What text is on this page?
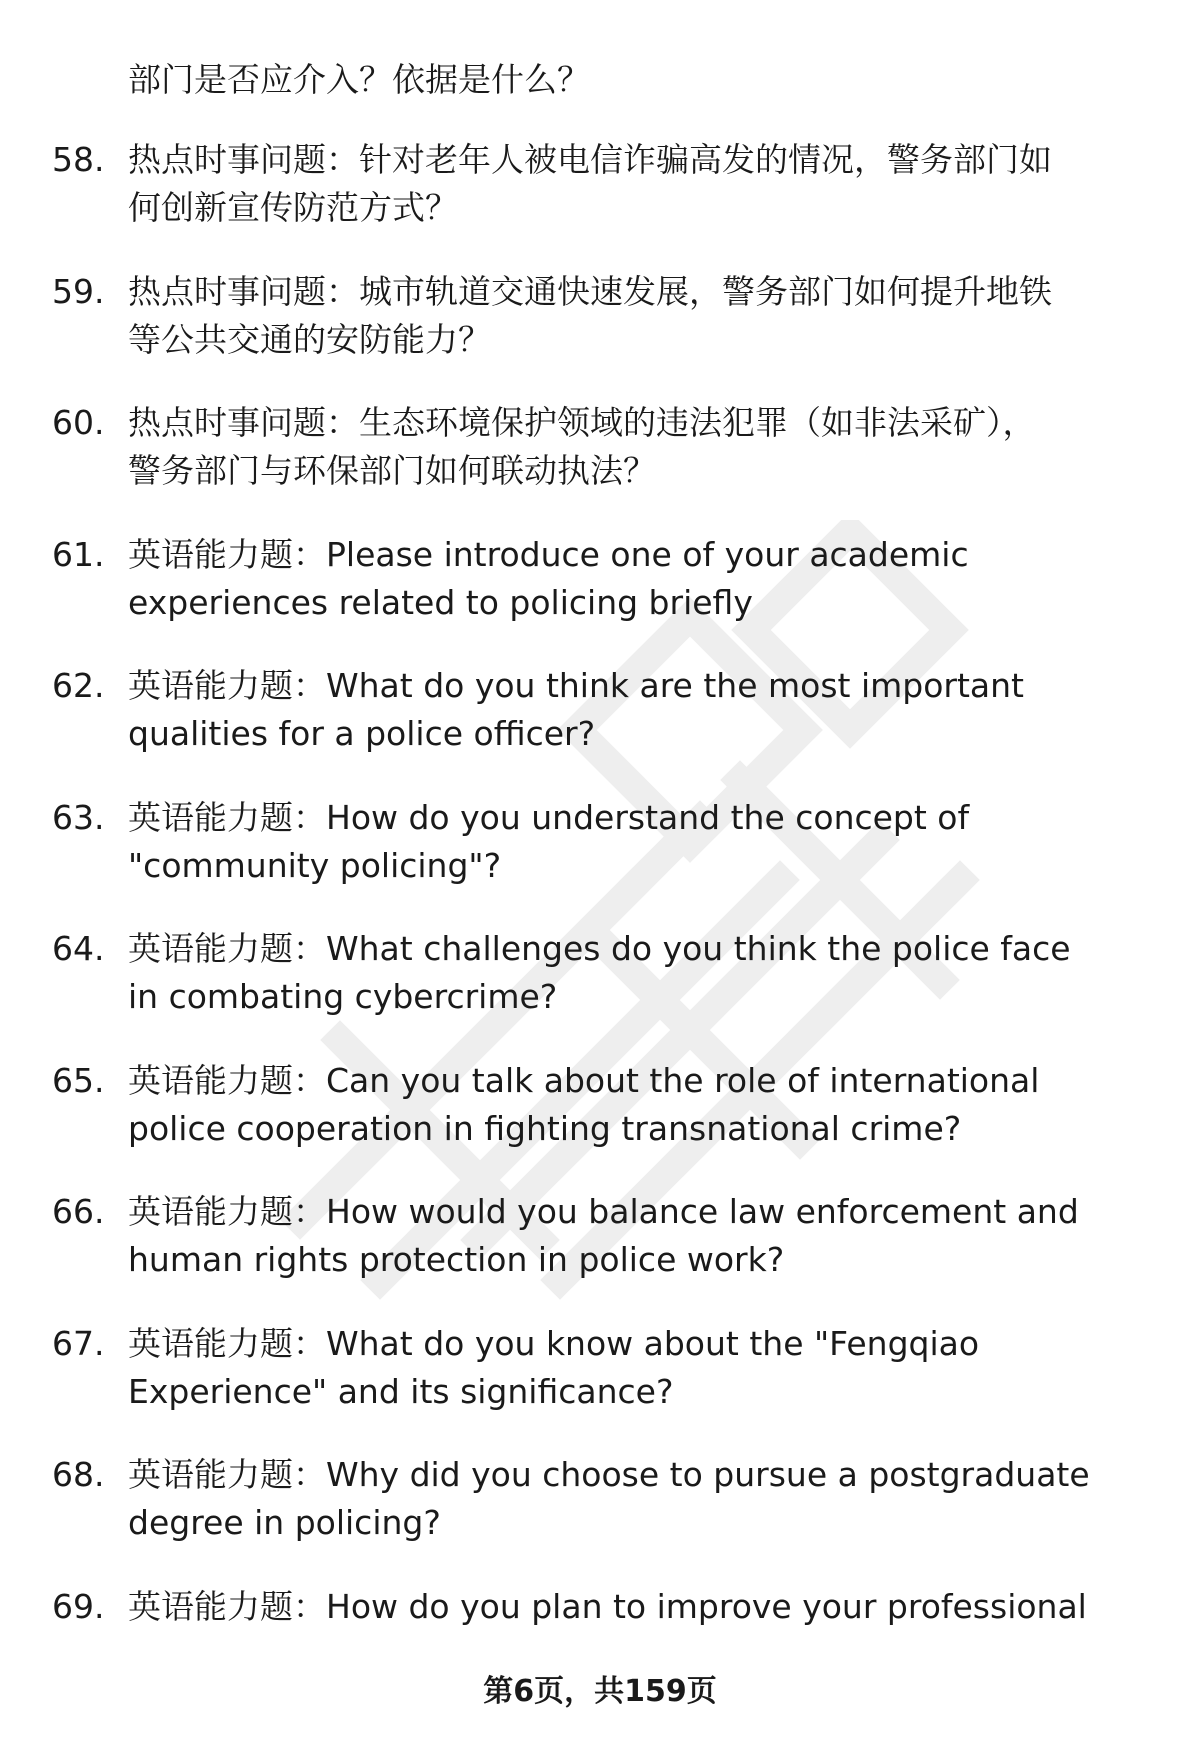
部门是否应介入？依据是什么？
58. 热点时事问题：针对老年人被电信诈骗高发的情况，警务部门如
何创新宣传防范方式？
59. 热点时事问题：城市轨道交通快速发展，警务部门如何提升地铁
等公共交通的安防能力？
60. 热点时事问题：生态环境保护领域的违法犯罪（如非法采矿），
警务部门与环保部门如何联动执法？
61. 英语能力题：Please introduce one of your academic
experiences related to policing briefly
62. 英语能力题：What do you think are the most important
qualities for a police officer?
63. 英语能力题：How do you understand the concept of
"community policing"?
64. 英语能力题：What challenges do you think the police face
in combating cybercrime?
65. 英语能力题：Can you talk about the role of international
police cooperation in fighting transnational crime?
66. 英语能力题：How would you balance law enforcement and
human rights protection in police work?
67. 英语能力题：What do you know about the "Fengqiao
Experience" and its significance?
68. 英语能力题：Why did you choose to pursue a postgraduate
degree in policing?
69. 英语能力题：How do you plan to improve your professional
第6页，共159页
